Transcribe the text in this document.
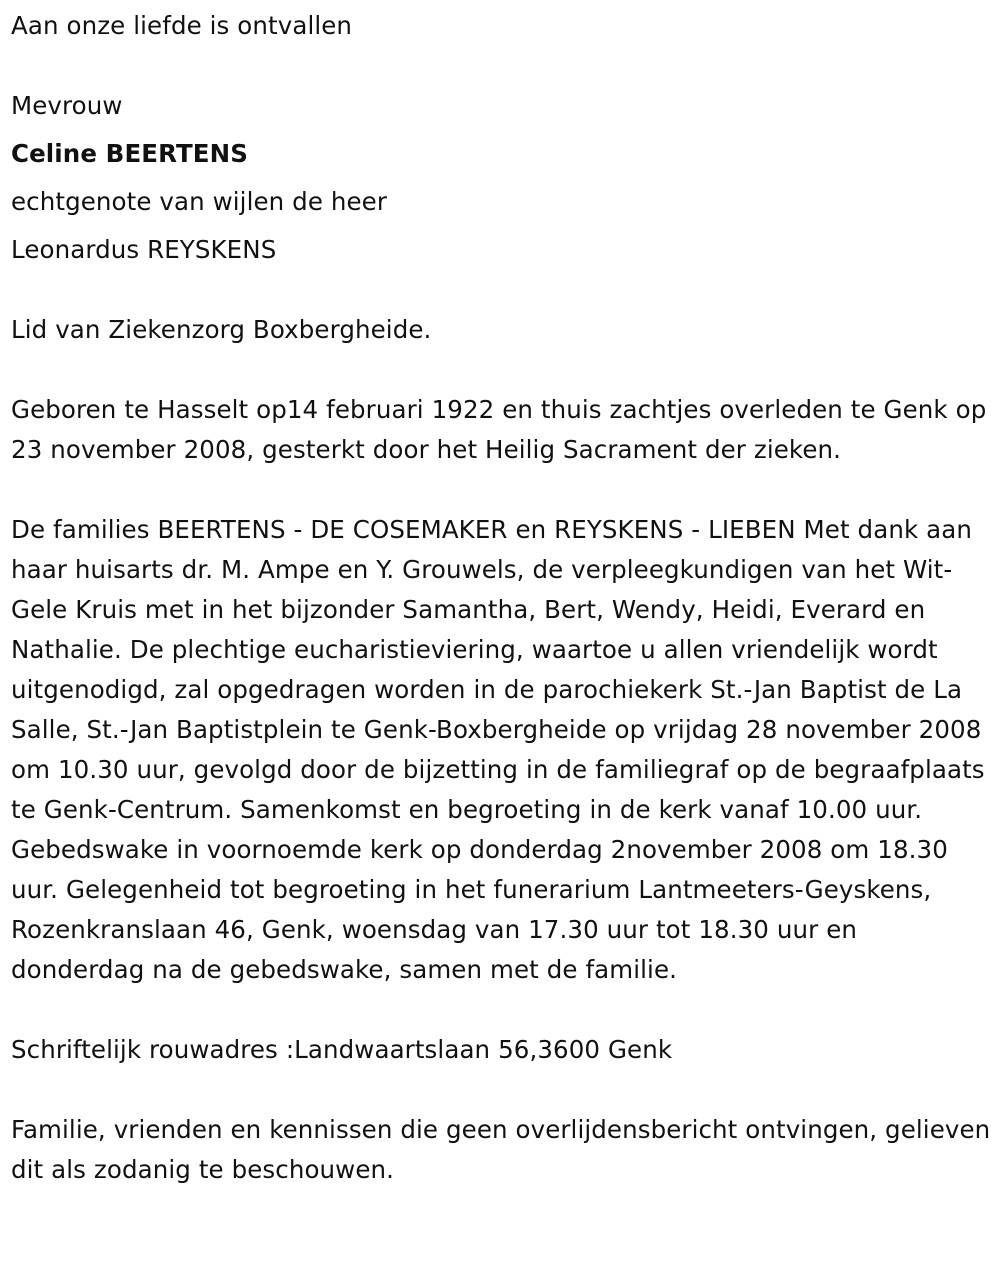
Aan onze liefde is ontvallen

Mevrouw

Celine BEERTENS

echtgenote van wijlen de heer

Leonardus REYSKENS

Lid van Ziekenzorg Boxbergheide.

Geboren te Hasselt op14 februari 1922 en thuis zachtjes overleden te Genk op 23 november 2008, gesterkt door het Heilig Sacrament der zieken.

De families BEERTENS - DE COSEMAKER en REYSKENS - LIEBEN Met dank aan haar huisarts dr. M. Ampe en Y. Grouwels, de verpleegkundigen van het Wit-Gele Kruis met in het bijzonder Samantha, Bert, Wendy, Heidi, Everard en Nathalie. De plechtige eucharistieviering, waartoe u allen vriendelijk wordt uitgenodigd, zal opgedragen worden in de parochiekerk St.-Jan Baptist de La Salle, St.-Jan Baptistplein te Genk-Boxbergheide op vrijdag 28 november 2008 om 10.30 uur, gevolgd door de bijzetting in de familiegraf op de begraafplaats te Genk-Centrum. Samenkomst en begroeting in de kerk vanaf 10.00 uur. Gebedswake in voornoemde kerk op donderdag 2november 2008 om 18.30 uur. Gelegenheid tot begroeting in het funerarium Lantmeeters-Geyskens, Rozenkranslaan 46, Genk, woensdag van 17.30 uur tot 18.30 uur en donderdag na de gebedswake, samen met de familie.

Schriftelijk rouwadres :Landwaartslaan 56,3600 Genk

Familie, vrienden en kennissen die geen overlijdensbericht ontvingen, gelieven dit als zodanig te beschouwen.
